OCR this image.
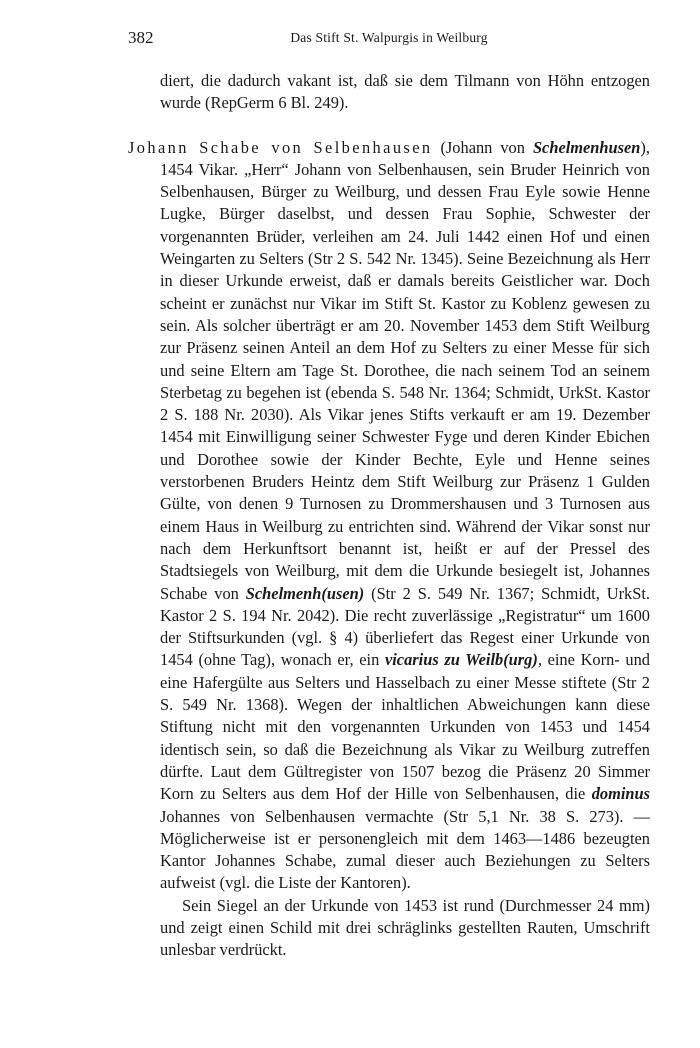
382	Das Stift St. Walpurgis in Weilburg

diert, die dadurch vakant ist, daß sie dem Tilmann von Höhn entzogen wurde (RepGerm 6 Bl. 249).

Johann Schabe von Selbenhausen (Johann von Schelmenhusen), 1454 Vikar. „Herr“ Johann von Selbenhausen, sein Bruder Heinrich von Selbenhausen, Bürger zu Weilburg, und dessen Frau Eyle sowie Henne Lugke, Bürger daselbst, und dessen Frau Sophie, Schwester der vorgenannten Brüder, verleihen am 24. Juli 1442 einen Hof und einen Weingarten zu Selters (Str 2 S. 542 Nr. 1345). Seine Bezeichnung als Herr in dieser Urkunde erweist, daß er damals bereits Geistlicher war. Doch scheint er zunächst nur Vikar im Stift St. Kastor zu Koblenz gewesen zu sein. Als solcher überträgt er am 20. November 1453 dem Stift Weilburg zur Präsenz seinen Anteil an dem Hof zu Selters zu einer Messe für sich und seine Eltern am Tage St. Dorothee, die nach seinem Tod an seinem Sterbetag zu begehen ist (ebenda S. 548 Nr. 1364; Schmidt, UrkSt. Kastor 2 S. 188 Nr. 2030). Als Vikar jenes Stifts verkauft er am 19. Dezember 1454 mit Einwilligung seiner Schwester Fyge und deren Kinder Ebichen und Dorothee sowie der Kinder Bechte, Eyle und Henne seines verstorbenen Bruders Heintz dem Stift Weilburg zur Präsenz 1 Gulden Gülte, von denen 9 Turnosen zu Drommershausen und 3 Turnosen aus einem Haus in Weilburg zu entrichten sind. Während der Vikar sonst nur nach dem Herkunftsort benannt ist, heißt er auf der Pressel des Stadtsiegels von Weilburg, mit dem die Urkunde besiegelt ist, Johannes Schabe von Schelmenh(usen) (Str 2 S. 549 Nr. 1367; Schmidt, UrkSt. Kastor 2 S. 194 Nr. 2042). Die recht zuverlässige „Registratur“ um 1600 der Stiftsurkunden (vgl. § 4) überliefert das Regest einer Urkunde von 1454 (ohne Tag), wonach er, ein vicarius zu Weilb(urg), eine Korn- und eine Hafergülte aus Selters und Hasselbach zu einer Messe stiftete (Str 2 S. 549 Nr. 1368). Wegen der inhaltlichen Abweichungen kann diese Stiftung nicht mit den vorgenannten Urkunden von 1453 und 1454 identisch sein, so daß die Bezeichnung als Vikar zu Weilburg zutreffen dürfte. Laut dem Gültregister von 1507 bezog die Präsenz 20 Simmer Korn zu Selters aus dem Hof der Hille von Selbenhausen, die dominus Johannes von Selbenhausen vermachte (Str 5,1 Nr. 38 S. 273). — Möglicherweise ist er personengleich mit dem 1463—1486 bezeugten Kantor Johannes Schabe, zumal dieser auch Beziehungen zu Selters aufweist (vgl. die Liste der Kantoren).

Sein Siegel an der Urkunde von 1453 ist rund (Durchmesser 24 mm) und zeigt einen Schild mit drei schräglinks gestellten Rauten, Umschrift unlesbar verdrückt.
